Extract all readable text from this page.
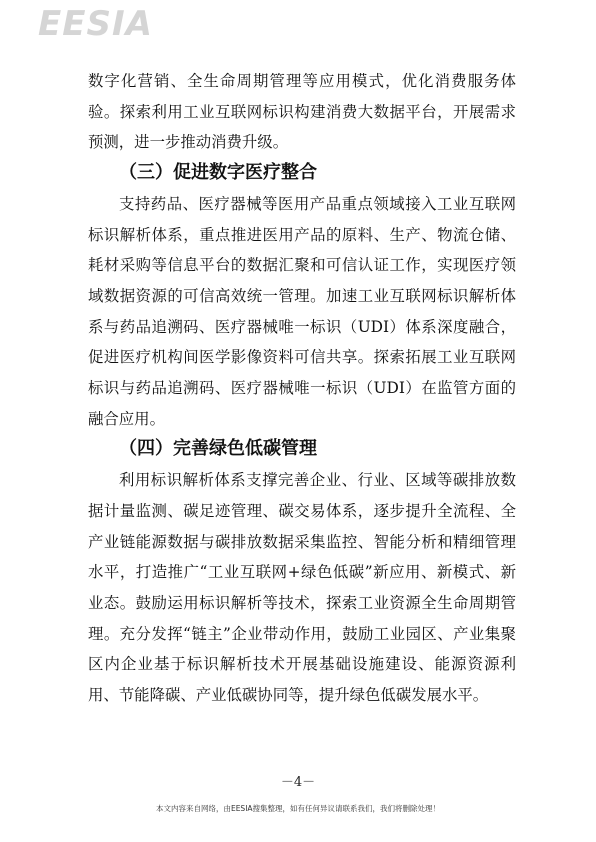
EESIA

数字化营销、全生命周期管理等应用模式，优化消费服务体验。探索利用工业互联网标识构建消费大数据平台，开展需求预测，进一步推动消费升级。

（三）促进数字医疗整合

支持药品、医疗器械等医用产品重点领域接入工业互联网标识解析体系，重点推进医用产品的原料、生产、物流仓储、耗材采购等信息平台的数据汇聚和可信认证工作，实现医疗领域数据资源的可信高效统一管理。加速工业互联网标识解析体系与药品追溯码、医疗器械唯一标识（UDI）体系深度融合，促进医疗机构间医学影像资料可信共享。探索拓展工业互联网标识与药品追溯码、医疗器械唯一标识（UDI）在监管方面的融合应用。

（四）完善绿色低碳管理

利用标识解析体系支撑完善企业、行业、区域等碳排放数据计量监测、碳足迹管理、碳交易体系，逐步提升全流程、全产业链能源数据与碳排放数据采集监控、智能分析和精细管理水平，打造推广“工业互联网+绿色低碳”新应用、新模式、新业态。鼓励运用标识解析等技术，探索工业资源全生命周期管理。充分发挥“链主”企业带动作用，鼓励工业园区、产业集聚区内企业基于标识解析技术开展基础设施建设、能源资源利用、节能降碳、产业低碳协同等，提升绿色低碳发展水平。

－4－
本文内容来自网络，由EESIA搜集整理，如有任何异议请联系我们，我们将删除处理！
